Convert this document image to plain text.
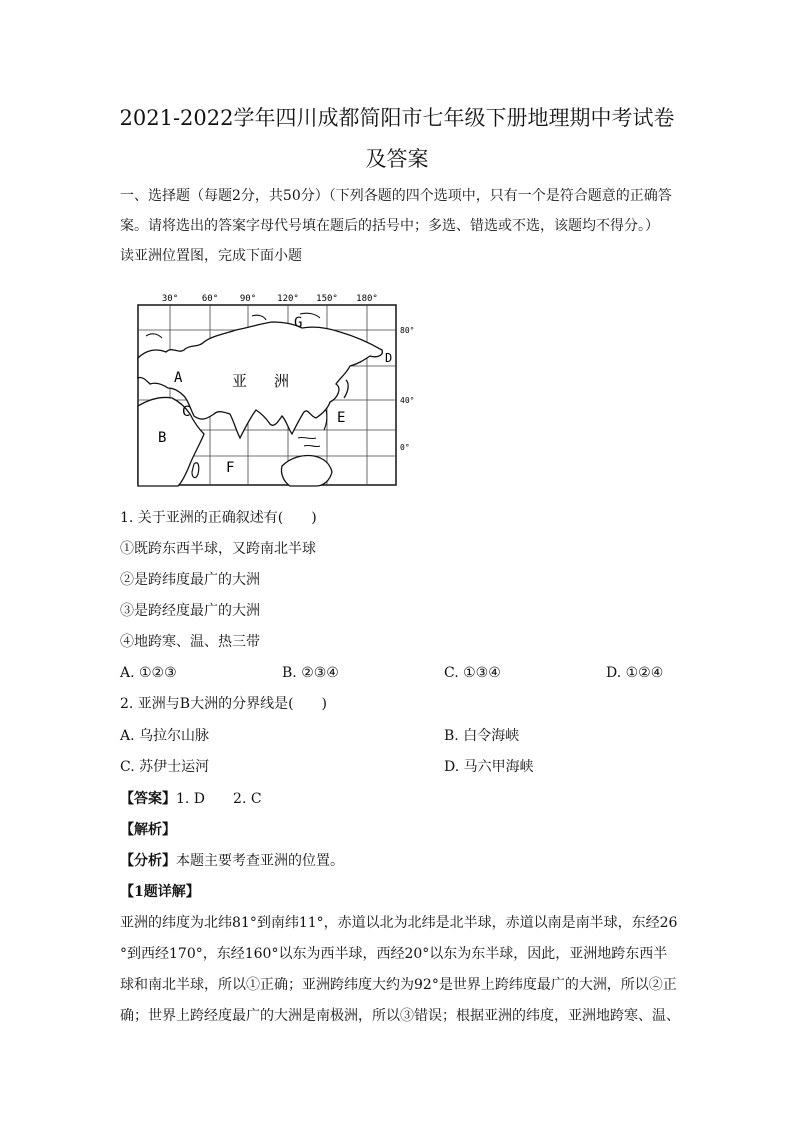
2021-2022学年四川成都简阳市七年级下册地理期中考试卷
及答案
一、选择题（每题2分，共50分）（下列各题的四个选项中，只有一个是符合题意的正确答
案。请将选出的答案字母代号填在题后的括号中；多选、错选或不选，该题均不得分。）
读亚洲位置图，完成下面小题
30°	60° 90° 120° 150° 180°
80°
40°
0°
A
B
C
D
E
F
G
亚 洲
1. 关于亚洲的正确叙述有(　　)
①既跨东西半球，又跨南北半球
②是跨纬度最广的大洲
③是跨经度最广的大洲
④地跨寒、温、热三带
A. ①②③	B. ②③④	C. ①③④	D. ①②④
2. 亚洲与B大洲的分界线是(　　)
A. 乌拉尔山脉	B. 白令海峡
C. 苏伊士运河	D. 马六甲海峡
【答案】1. D　　2. C
【解析】
【分析】本题主要考查亚洲的位置。
【1题详解】
亚洲的纬度为北纬81°到南纬11°，赤道以北为北纬是北半球，赤道以南是南半球，东经26
°到西经170°，东经160°以东为西半球，西经20°以东为东半球，因此，亚洲地跨东西半
球和南北半球，所以①正确；亚洲跨纬度大约为92°是世界上跨纬度最广的大洲，所以②正
确；世界上跨经度最广的大洲是南极洲，所以③错误；根据亚洲的纬度，亚洲地跨寒、温、
